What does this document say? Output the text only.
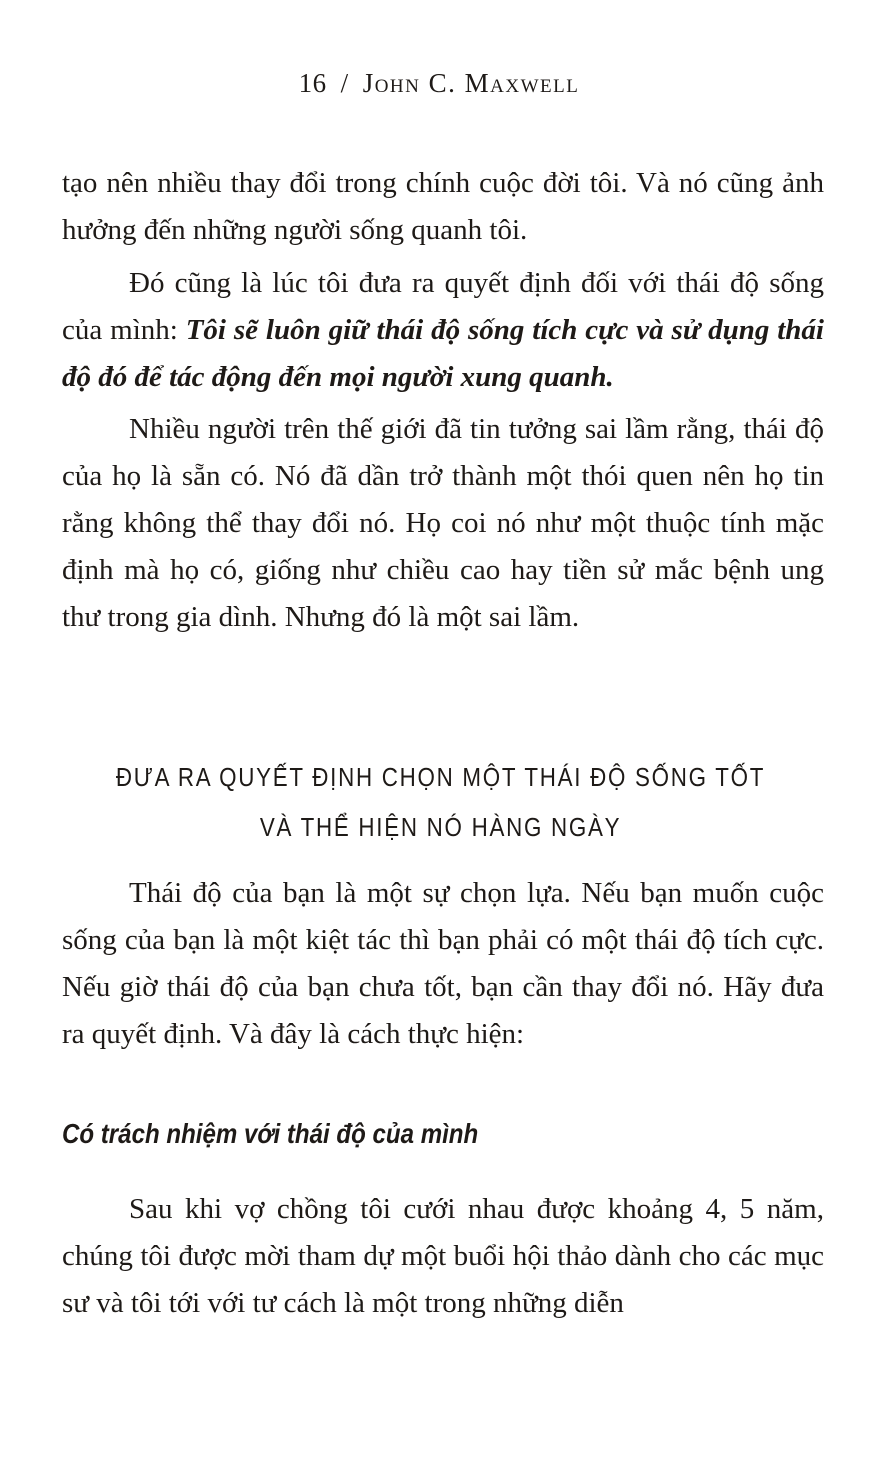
16 / John C. Maxwell

tạo nên nhiều thay đổi trong chính cuộc đời tôi. Và nó cũng ảnh hưởng đến những người sống quanh tôi.

Đó cũng là lúc tôi đưa ra quyết định đối với thái độ sống của mình: Tôi sẽ luôn giữ thái độ sống tích cực và sử dụng thái độ đó để tác động đến mọi người xung quanh.

Nhiều người trên thế giới đã tin tưởng sai lầm rằng, thái độ của họ là sẵn có. Nó đã dần trở thành một thói quen nên họ tin rằng không thể thay đổi nó. Họ coi nó như một thuộc tính mặc định mà họ có, giống như chiều cao hay tiền sử mắc bệnh ung thư trong gia dình. Nhưng đó là một sai lầm.

ĐƯA RA QUYẾT ĐỊNH CHỌN MỘT THÁI ĐỘ SỐNG TỐT
VÀ THỂ HIỆN NÓ HÀNG NGÀY

Thái độ của bạn là một sự chọn lựa. Nếu bạn muốn cuộc sống của bạn là một kiệt tác thì bạn phải có một thái độ tích cực. Nếu giờ thái độ của bạn chưa tốt, bạn cần thay đổi nó. Hãy đưa ra quyết định. Và đây là cách thực hiện:

Có trách nhiệm với thái độ của mình

Sau khi vợ chồng tôi cưới nhau được khoảng 4, 5 năm, chúng tôi được mời tham dự một buổi hội thảo dành cho các mục sư và tôi tới với tư cách là một trong những diễn
